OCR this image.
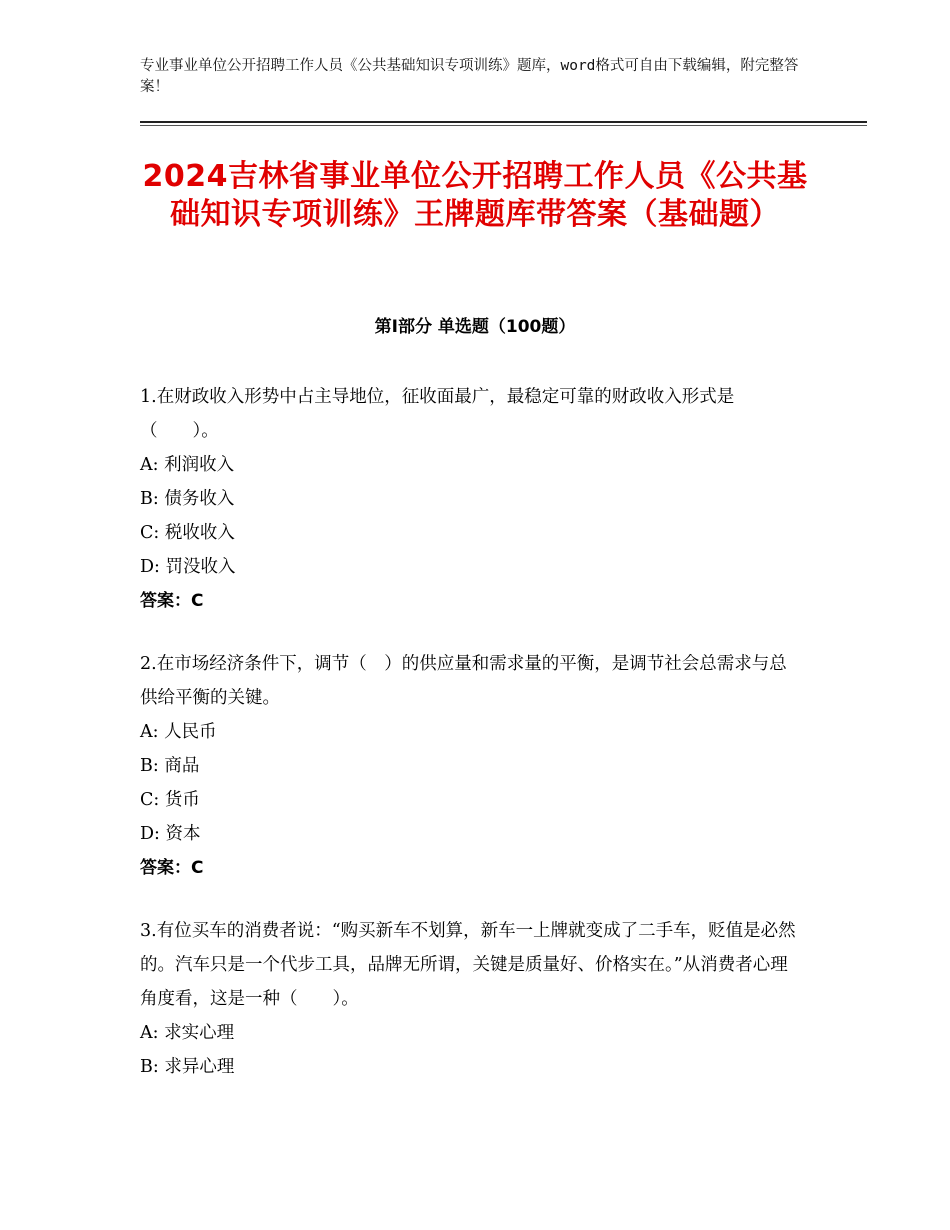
专业事业单位公开招聘工作人员《公共基础知识专项训练》题库，word格式可自由下载编辑，附完整答案！
2024吉林省事业单位公开招聘工作人员《公共基础知识专项训练》王牌题库带答案（基础题）
第Ⅰ部分 单选题（100题）

1.在财政收入形势中占主导地位，征收面最广，最稳定可靠的财政收入形式是（　　）。

A: 利润收入

B: 债务收入

C: 税收收入

D: 罚没收入

答案：C

2.在市场经济条件下，调节（　）的供应量和需求量的平衡，是调节社会总需求与总供给平衡的关键。

A: 人民币

B: 商品

C: 货币

D: 资本

答案：C

3.有位买车的消费者说：“购买新车不划算，新车一上牌就变成了二手车，贬值是必然的。汽车只是一个代步工具，品牌无所谓，关键是质量好、价格实在。”从消费者心理角度看，这是一种（　　）。

A: 求实心理

B: 求异心理
